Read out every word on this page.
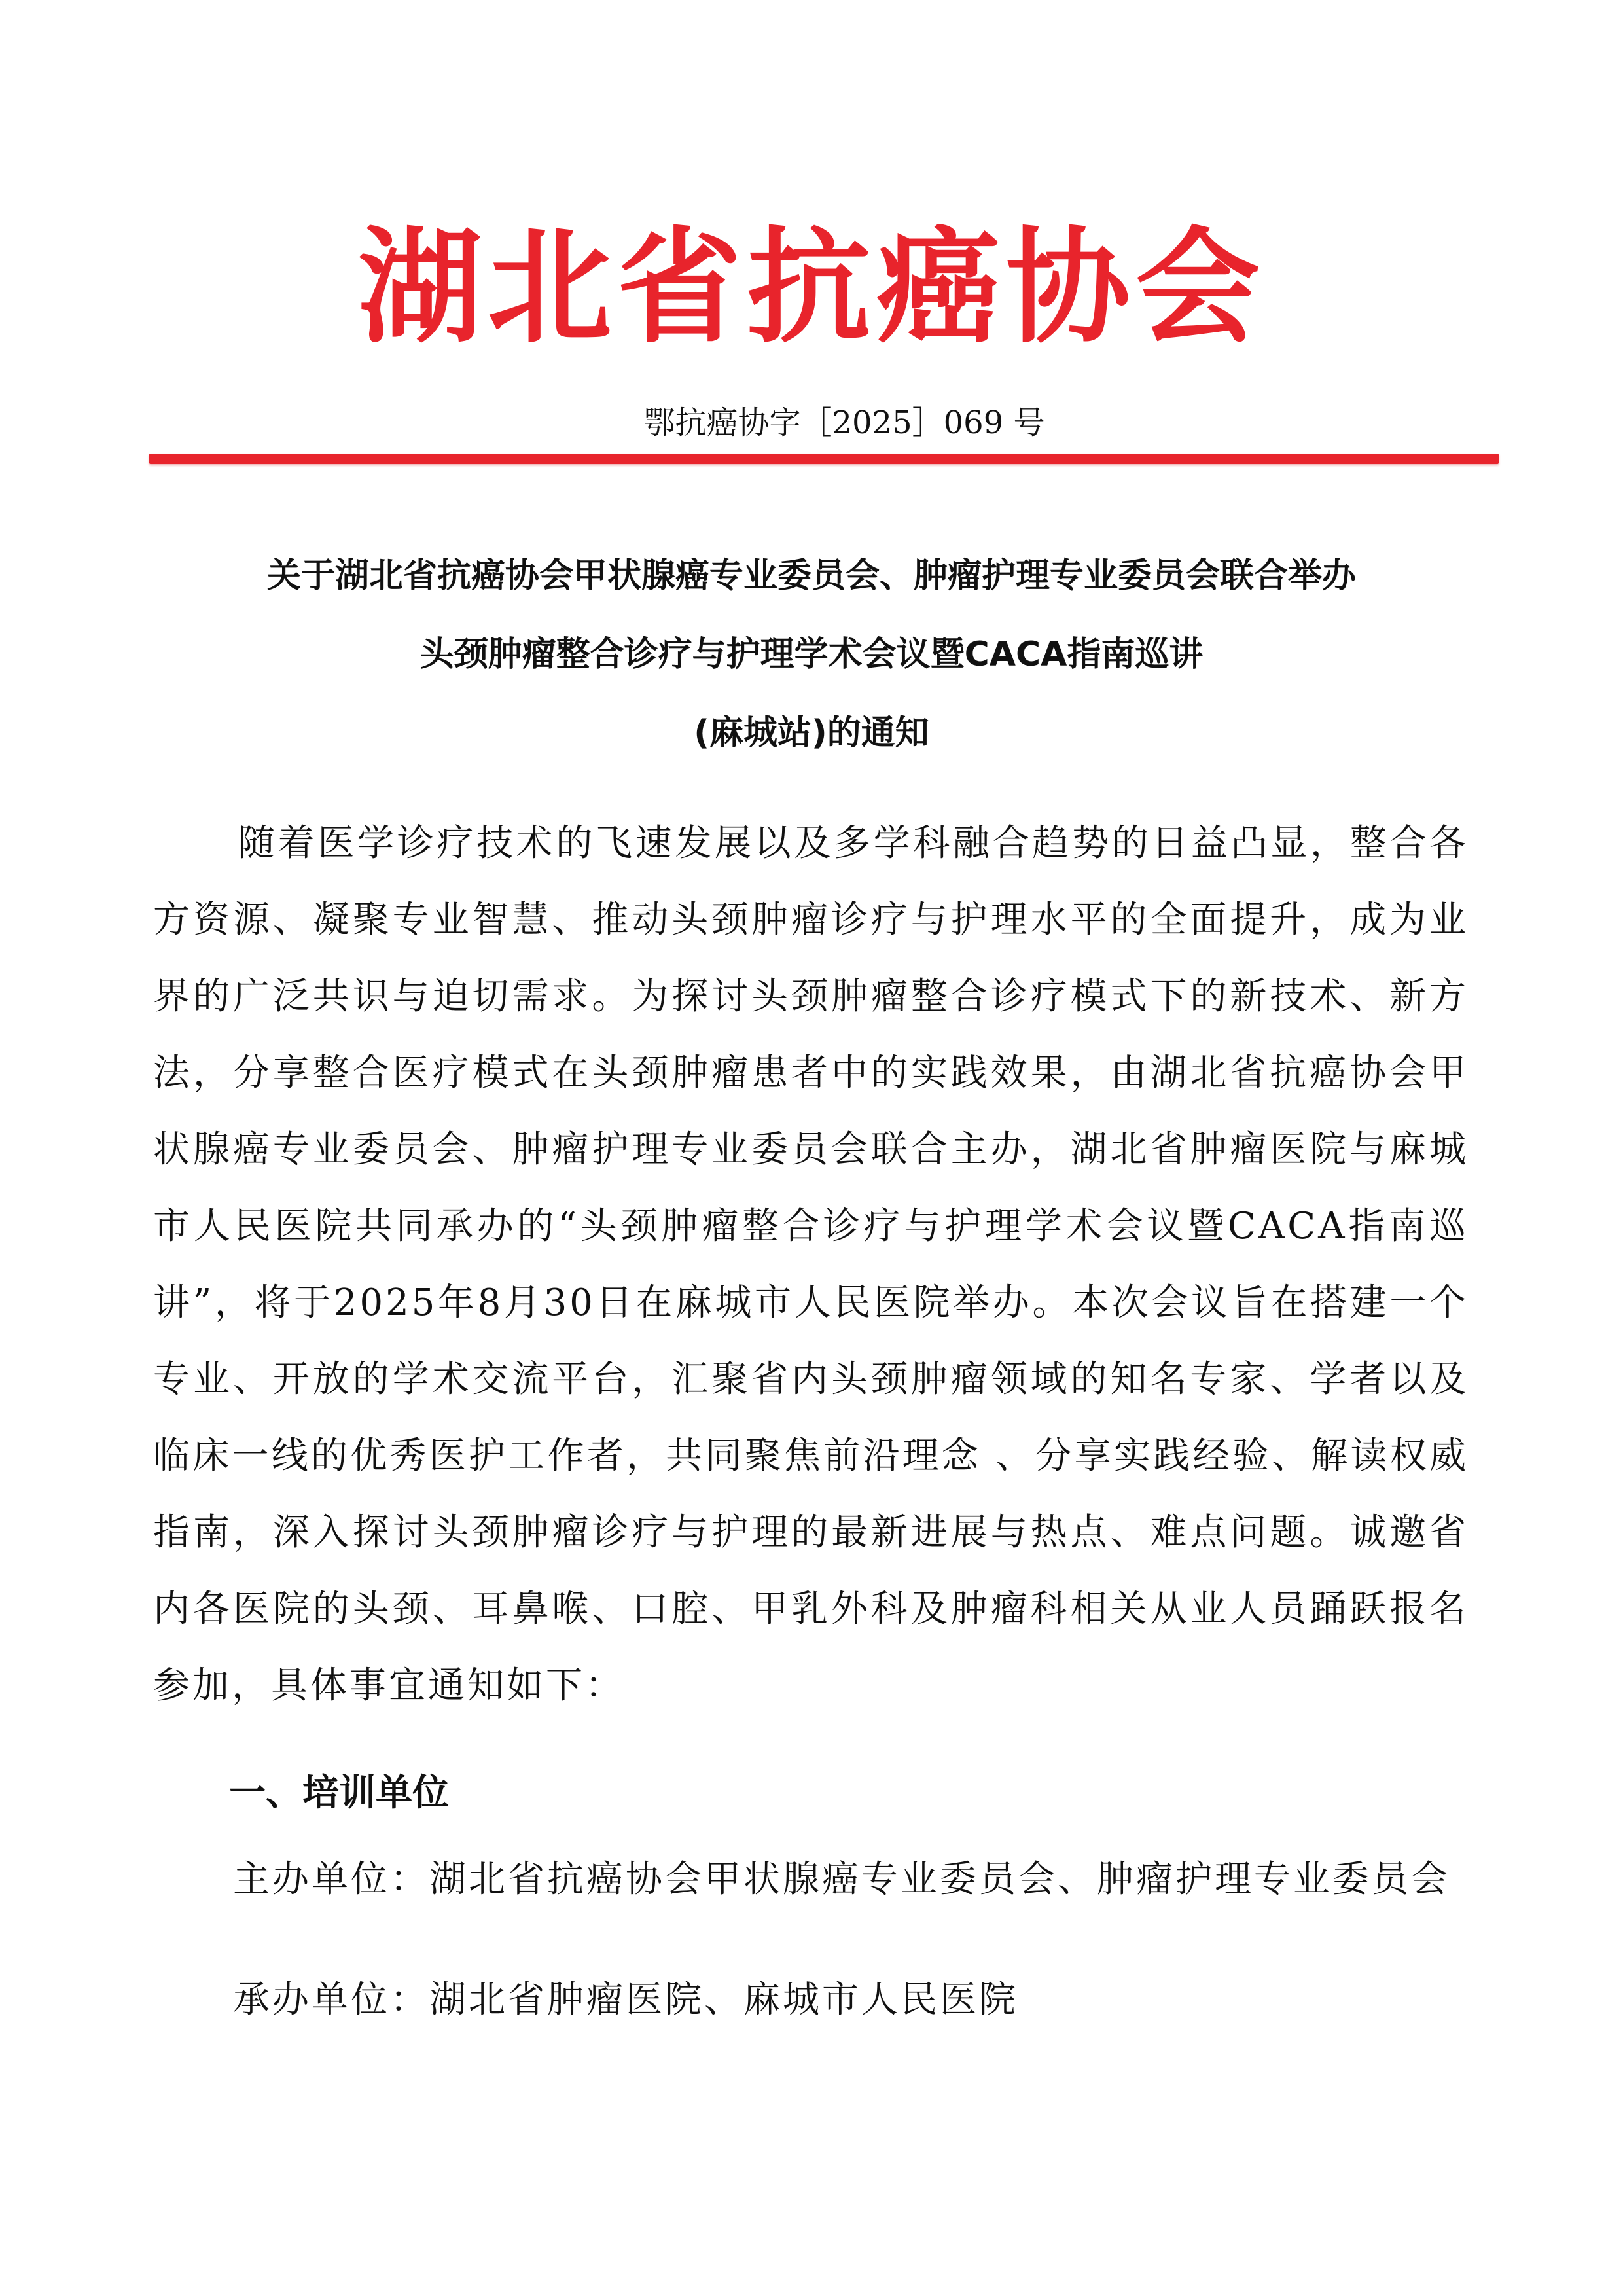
湖北省抗癌协会
鄂抗癌协字［2025］069 号
关于湖北省抗癌协会甲状腺癌专业委员会、肿瘤护理专业委员会联合举办
头颈肿瘤整合诊疗与护理学术会议暨CACA指南巡讲
(麻城站)的通知

随着医学诊疗技术的飞速发展以及多学科融合趋势的日益凸显，整合各方资源、凝聚专业智慧、推动头颈肿瘤诊疗与护理水平的全面提升，成为业界的广泛共识与迫切需求。为探讨头颈肿瘤整合诊疗模式下的新技术、新方法，分享整合医疗模式在头颈肿瘤患者中的实践效果，由湖北省抗癌协会甲状腺癌专业委员会、肿瘤护理专业委员会联合主办，湖北省肿瘤医院与麻城市人民医院共同承办的“头颈肿瘤整合诊疗与护理学术会议暨CACA指南巡讲”，将于2025年8月30日在麻城市人民医院举办。本次会议旨在搭建一个专业、开放的学术交流平台，汇聚省内头颈肿瘤领域的知名专家、学者以及临床一线的优秀医护工作者，共同聚焦前沿理念 、分享实践经验、解读权威指南，深入探讨头颈肿瘤诊疗与护理的最新进展与热点、难点问题。诚邀省内各医院的头颈、耳鼻喉、口腔、甲乳外科及肿瘤科相关从业人员踊跃报名参加，具体事宜通知如下：

一、培训单位
主办单位：湖北省抗癌协会甲状腺癌专业委员会、肿瘤护理专业委员会
承办单位：湖北省肿瘤医院、麻城市人民医院
